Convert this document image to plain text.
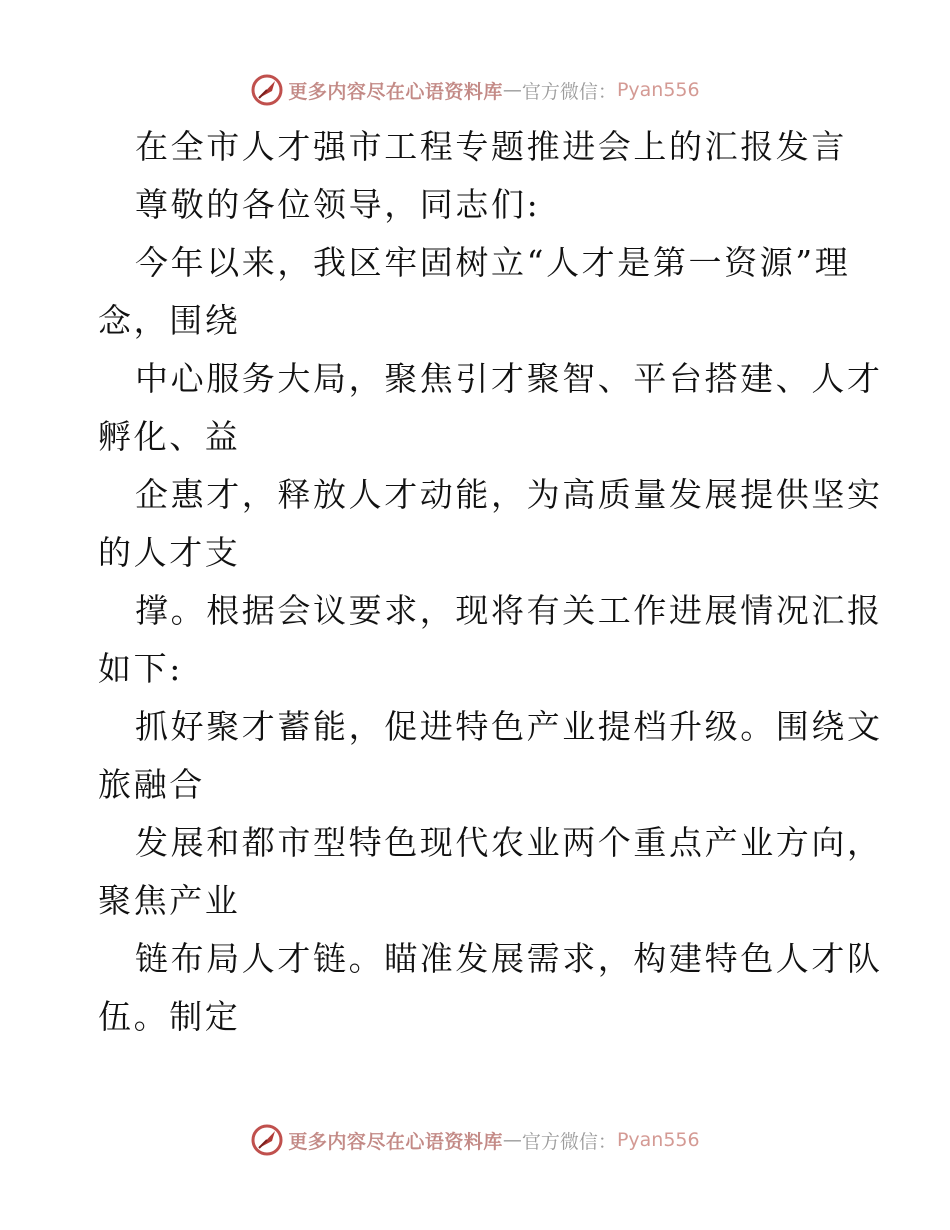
更多内容尽在心语资料库 — 官方微信： Pyan556

在全市人才强市工程专题推进会上的汇报发言

尊敬的各位领导，同志们:

今年以来，我区牢固树立“人才是第一资源”理

念，围绕

中心服务大局，聚焦引才聚智、平台搭建、人才

孵化、益

企惠才，释放人才动能，为高质量发展提供坚实

的人才支

撑。根据会议要求，现将有关工作进展情况汇报

如下:

抓好聚才蓄能，促进特色产业提档升级。围绕文

旅融合

发展和都市型特色现代农业两个重点产业方向，

聚焦产业

链布局人才链。瞄准发展需求，构建特色人才队

伍。制定

更多内容尽在心语资料库 — 官方微信： Pyan556
